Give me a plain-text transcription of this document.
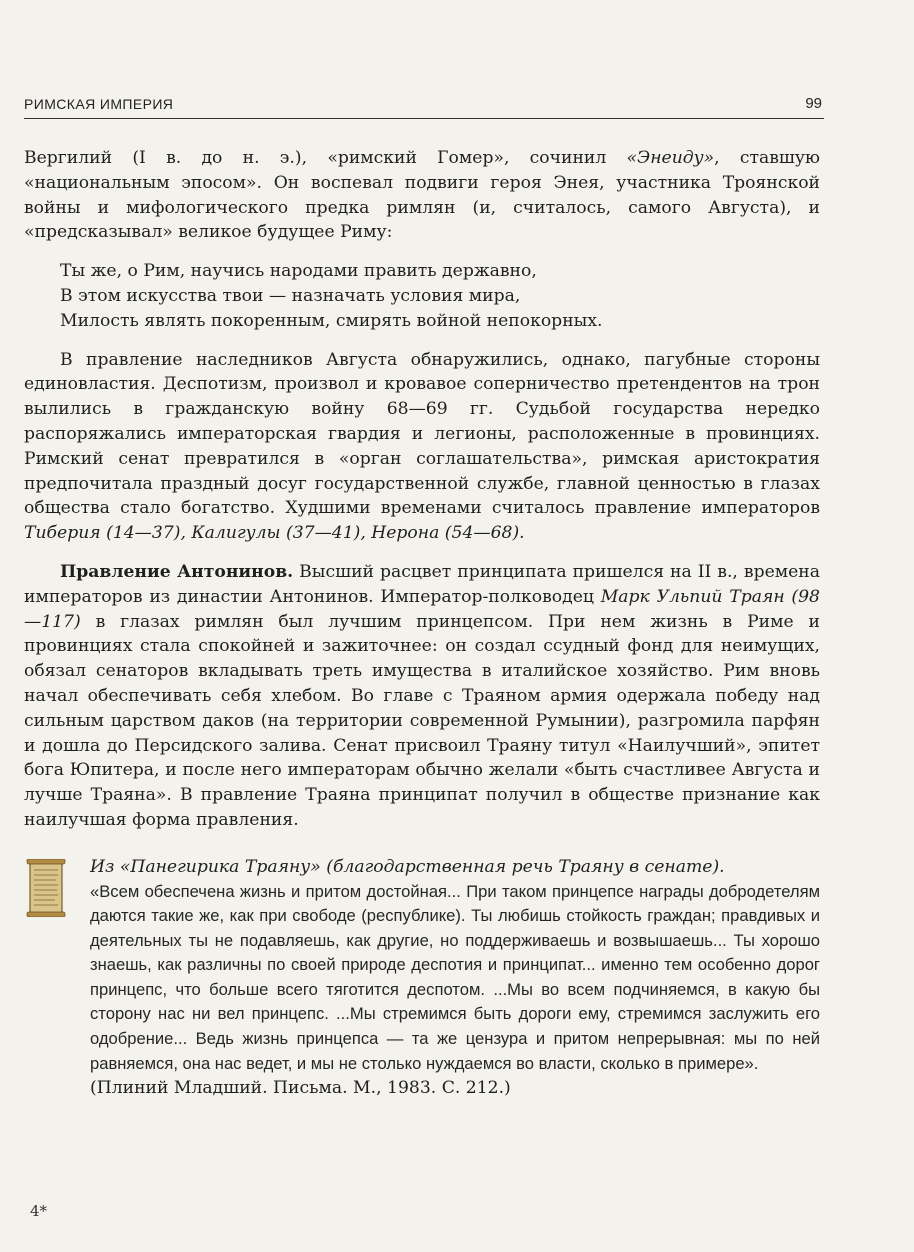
РИМСКАЯ ИМПЕРИЯ	99

Вергилий (I в. до н. э.), «римский Гомер», сочинил «Энеиду», ставшую «национальным эпосом». Он воспевал подвиги героя Энея, участника Троянской войны и мифологического предка римлян (и, считалось, самого Августа), и «предсказывал» великое будущее Риму:

Ты же, о Рим, научись народами править державно,
В этом искусства твои — назначать условия мира,
Милость являть покоренным, смирять войной непокорных.

В правление наследников Августа обнаружились, однако, пагубные стороны единовластия. Деспотизм, произвол и кровавое соперничество претендентов на трон вылились в гражданскую войну 68—69 гг. Судьбой государства нередко распоряжались императорская гвардия и легионы, расположенные в провинциях. Римский сенат превратился в «орган соглашательства», римская аристократия предпочитала праздный досуг государственной службе, главной ценностью в глазах общества стало богатство. Худшими временами считалось правление императоров Тиберия (14—37), Калигулы (37—41), Нерона (54—68).

Правление Антонинов. Высший расцвет принципата пришелся на II в., времена императоров из династии Антонинов. Император-полководец Марк Ульпий Траян (98—117) в глазах римлян был лучшим принцепсом. При нем жизнь в Риме и провинциях стала спокойней и зажиточнее: он создал ссудный фонд для неимущих, обязал сенаторов вкладывать треть имущества в италийское хозяйство. Рим вновь начал обеспечивать себя хлебом. Во главе с Траяном армия одержала победу над сильным царством даков (на территории современной Румынии), разгромила парфян и дошла до Персидского залива. Сенат присвоил Траяну титул «Наилучший», эпитет бога Юпитера, и после него императорам обычно желали «быть счастливее Августа и лучше Траяна». В правление Траяна принципат получил в обществе признание как наилучшая форма правления.

Из «Панегирика Траяну» (благодарственная речь Траяну в сенате).
«Всем обеспечена жизнь и притом достойная... При таком принцепсе награды добродетелям даются такие же, как при свободе (республике). Ты любишь стойкость граждан; правдивых и деятельных ты не подавляешь, как другие, но поддерживаешь и возвышаешь... Ты хорошо знаешь, как различны по своей природе деспотия и принципат... именно тем особенно дорог принцепс, что больше всего тяготится деспотом. ...Мы во всем подчиняемся, в какую бы сторону нас ни вел принцепс. ...Мы стремимся быть дороги ему, стремимся заслужить его одобрение... Ведь жизнь принцепса — та же цензура и притом непрерывная: мы по ней равняемся, она нас ведет, и мы не столько нуждаемся во власти, сколько в примере».
(Плиний Младший. Письма. М., 1983. С. 212.)
4*
